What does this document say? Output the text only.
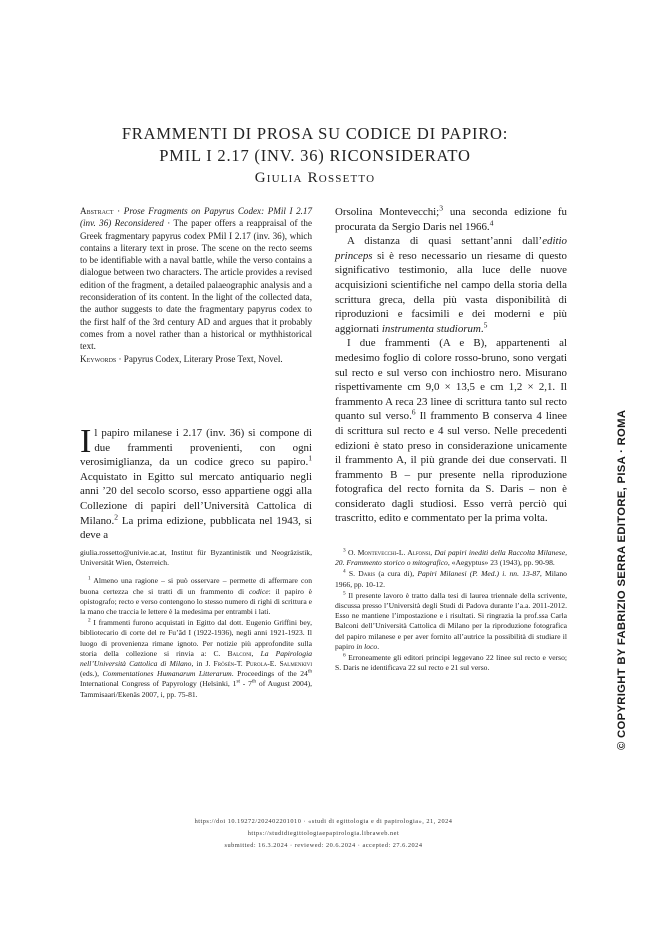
FRAMMENTI DI PROSA SU CODICE DI PAPIRO:
PMIL I 2.17 (INV. 36) RICONSIDERATO
Giulia Rossetto

Abstract · Prose Fragments on Papyrus Codex: PMil I 2.17 (inv. 36) Reconsidered · The paper offers a reappraisal of the Greek fragmentary papyrus codex PMil I 2.17 (inv. 36), which contains a literary text in prose. The scene on the recto seems to be identifiable with a naval battle, while the verso contains a dialogue between two characters. The article provides a revised edition of the fragment, a detailed palaeographic analysis and a reconsideration of its content. In the light of the collected data, the author suggests to date the fragmentary papyrus codex to the first half of the 3rd century AD and argues that it probably comes from a novel rather than a historical or mythhistorical text.

Keywords · Papyrus Codex, Literary Prose Text, Novel.

Il papiro milanese i 2.17 (inv. 36) si compone di due frammenti provenienti, con ogni verosimiglianza, da un codice greco su papiro.$^1$ Acquistato in Egitto sul mercato antiquario negli anni ’20 del secolo scorso, esso appartiene oggi alla Collezione di papiri dell’Università Cattolica di Milano.$^2$ La prima edizione, pubblicata nel 1943, si deve a

Orsolina Montevecchi;$^3$ una seconda edizione fu procurata da Sergio Daris nel 1966.$^4$

A distanza di quasi settant’anni dall’editio princeps si è reso necessario un riesame di questo significativo testimonio, alla luce delle nuove acquisizioni scientifiche nel campo della storia della scrittura greca, della più vasta disponibilità di riproduzioni e facsimili e dei moderni e più aggiornati instrumenta studiorum.$^5$

I due frammenti (A e B), appartenenti al medesimo foglio di colore rosso-bruno, sono vergati sul recto e sul verso con inchiostro nero. Misurano rispettivamente cm 9,0 × 13,5 e cm 1,2 × 2,1. Il frammento A reca 23 linee di scrittura tanto sul recto quanto sul verso.$^6$ Il frammento B conserva 4 linee di scrittura sul recto e 4 sul verso. Nelle precedenti edizioni è stato preso in considerazione unicamente il frammento A, il più grande dei due conservati. Il frammento B – pur presente nella riproduzione fotografica del recto fornita da S. Daris – non è considerato dagli studiosi. Esso verrà perciò qui trascritto, edito e commentato per la prima volta.

giulia.rossetto@univie.ac.at, Institut für Byzantinistik und Neogräzistik, Universität Wien, Österreich.

$^1$ Almeno una ragione – si può osservare – permette di affermare con buona certezza che si tratti di un frammento di codice: il papiro è opistografo; recto e verso contengono lo stesso numero di righi di scrittura e la mano che traccia le lettere è la medesima per entrambi i lati.

$^2$ I frammenti furono acquistati in Egitto dal dott. Eugenio Griffini bey, bibliotecario di corte del re Fu’ād I (1922-1936), negli anni 1921-1923. Il luogo di provenienza rimane ignoto. Per notizie più approfondite sulla storia della collezione si rinvia a: C. Balconi, La Papirologia nell’Università Cattolica di Milano, in J. Frösén-T. Purola-E. Salmenkivi (eds.), Commentationes Humanarum Litterarum. Proceedings of the 24th International Congress of Papyrology (Helsinki, 1st - 7th of August 2004), Tammisaari/Ekenäs 2007, i, pp. 75-81.

$^3$ O. Montevecchi-L. Alfonsi, Dai papiri inediti della Raccolta Milanese, 20. Frammento storico o mitografico, «Aegyptus» 23 (1943), pp. 90-98.

$^4$ S. Daris (a cura di), Papiri Milanesi (P. Med.) i. nn. 13-87, Milano 1966, pp. 10-12.

$^5$ Il presente lavoro è tratto dalla tesi di laurea triennale della scrivente, discussa presso l’Università degli Studi di Padova durante l’a.a. 2011-2012. Esso ne mantiene l’impostazione e i risultati. Si ringrazia la prof.ssa Carla Balconi dell’Università Cattolica di Milano per la riproduzione fotografica del papiro milanese e per aver fornito all’autrice la possibilità di studiare il papiro in loco.

$^6$ Erroneamente gli editori principi leggevano 22 linee sul recto e verso; S. Daris ne identificava 22 sul recto e 21 sul verso.

https://doi 10.19272/202402201010 · «studi di egittologia e di papirologia», 21, 2024
https://studidiegittologiaepapirologia.libraweb.net
submitted: 16.3.2024 · reviewed: 20.6.2024 · accepted: 27.6.2024
© COPYRIGHT BY FABRIZIO SERRA EDITORE, PISA · ROMA
